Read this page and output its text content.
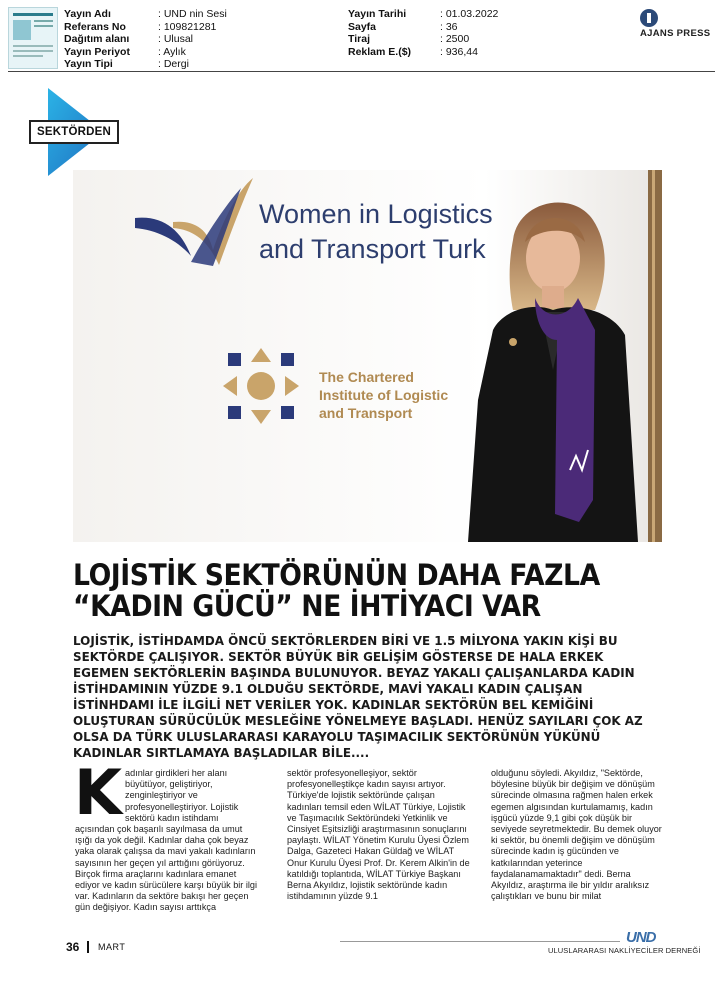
Yayın Adı	: UND nin Sesi
Referans No	: 109821281
Dağıtım alanı	: Ulusal
Yayın Periyot	: Aylık
Yayın Tipi	: Dergi
Yayın Tarihi	: 01.03.2022
Sayfa	: 36
Tiraj	: 2500
Reklam E.($)	: 936,44
AJANS PRESS
SEKTÖRDEN
Women in Logistics
and Transport Turk
The Chartered
Institute of Logistic
and Transport
LOJİSTİK SEKTÖRÜNÜN DAHA FAZLA
“KADIN GÜCÜ” NE İHTİYACI VAR
LOJİSTİK, İSTİHDAMDA ÖNCÜ SEKTÖRLERDEN BİRİ VE 1.5 MİLYONA YAKIN KİŞİ BU SEKTÖRDE ÇALIŞIYOR. SEKTÖR BÜYÜK BİR GELİŞİM GÖSTERSE DE HALA ERKEK EGEMEN SEKTÖRLERİN BAŞINDA BULUNUYOR. BEYAZ YAKALI ÇALIŞANLARDA KADIN İSTİHDAMININ YÜZDE 9.1 OLDUĞU SEKTÖRDE, MAVİ YAKALI KADIN ÇALIŞAN İSTİNHDAMI İLE İLGİLİ NET VERİLER YOK. KADINLAR SEKTÖRÜN BEL KEMİĞİNİ OLUŞTURAN SÜRÜCÜLÜK MESLEĞİNE YÖNELMEYE BAŞLADI. HENÜZ SAYILARI ÇOK AZ OLSA DA TÜRK ULUSLARARASI KARAYOLU TAŞIMACILIK SEKTÖRÜNÜN YÜKÜNÜ KADINLAR SIRTLAMAYA BAŞLADILAR BİLE....
K adınlar girdikleri her alanı büyütüyor, geliştiriyor, zenginleştiriyor ve profesyonelleştiriyor. Lojistik sektörü kadın istihdamı açısından çok başarılı sayılmasa da umut ışığı da yok değil. Kadınlar daha çok beyaz yaka olarak çalışsa da mavi yakalı kadınların sayısının her geçen yıl arttığını görüyoruz. Birçok firma araçlarını kadınlara emanet ediyor ve kadın sürücülere karşı büyük bir ilgi var. Kadınların da sektöre bakışı her geçen gün değişiyor. Kadın sayısı arttıkça

sektör profesyonelleşiyor, sektör profesyonelleştikçe kadın sayısı artıyor. Türkiye'de lojistik sektöründe çalışan kadınları temsil eden WİLAT Türkiye, Lojistik ve Taşımacılık Sektöründeki Yetkinlik ve Cinsiyet Eşitsizliği araştırmasının sonuçlarını paylaştı. WİLAT Yönetim Kurulu Üyesi Özlem Dalga, Gazeteci Hakan Güldağ ve WİLAT Onur Kurulu Üyesi Prof. Dr. Kerem Alkin'in de katıldığı toplantıda, WİLAT Türkiye Başkanı Berna Akyıldız, lojistik sektöründe kadın istihdamının yüzde 9.1

olduğunu söyledi. Akyıldız, "Sektörde, böylesine büyük bir değişim ve dönüşüm sürecinde olmasına rağmen halen erkek egemen algısından kurtulamamış, kadın işgücü yüzde 9,1 gibi çok düşük bir seviyede seyretmektedir. Bu demek oluyor ki sektör, bu önemli değişim ve dönüşüm sürecinde kadın iş gücünden ve katkılarından yeterince faydalanamamaktadır" dedi. Berna Akyıldız, araştırma ile bir yıldır aralıksız çalıştıkları ve bunu bir milat

36 MART
UND
ULUSLARARASI NAKLİYECİLER DERNEĞİ
